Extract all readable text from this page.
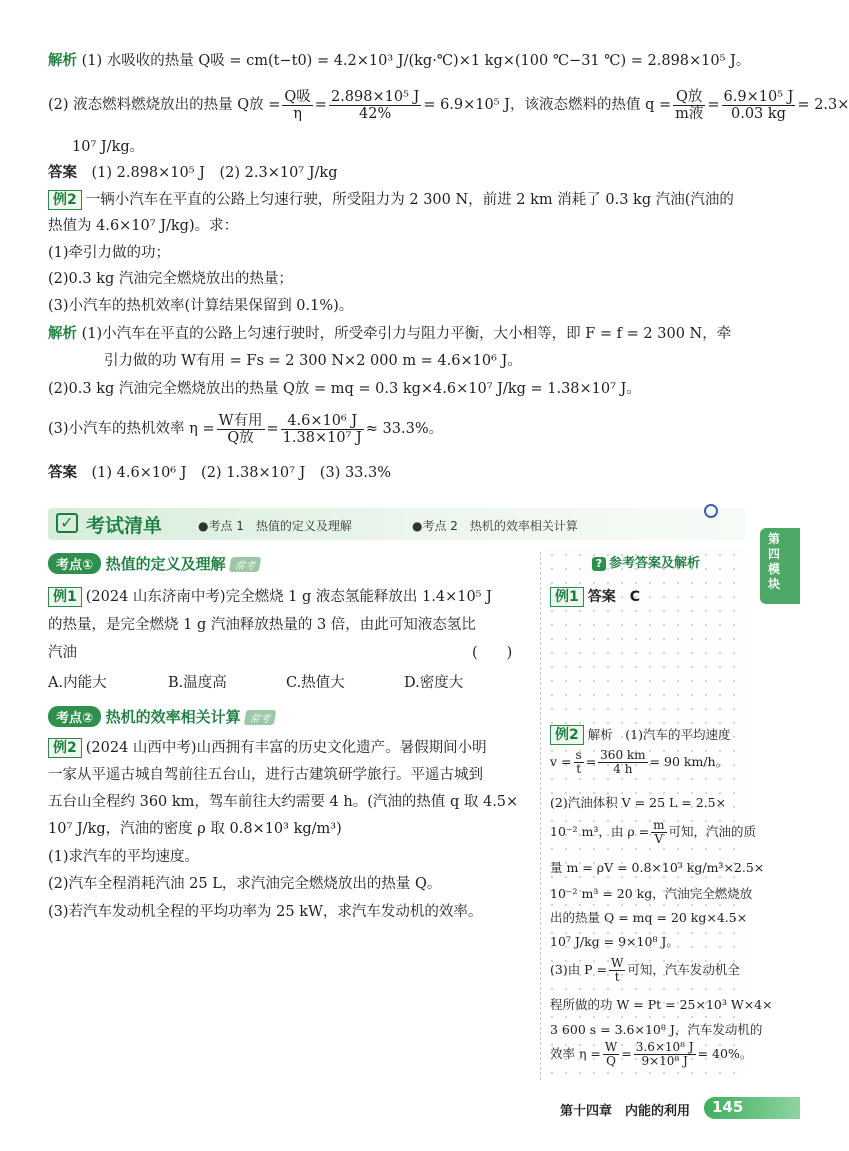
解析 (1) 水吸收的热量 Q吸 = cm(t−t0) = 4.2×10³ J/(kg·℃)×1 kg×(100 ℃−31 ℃) = 2.898×10⁵ J。
(2) 液态燃料燃烧放出的热量 Q放 =
Q吸
η
= $\frac{\text{2.898×10⁵ J}}{42\%} = 6.9\times 10^5$ J，该液态燃料的热值 q =
Q放
m液
= $\frac{\text{6.9×10⁵ J}}{0.03 kg} = 2.3\times$
10⁷ J/kg。
答案　 (1) 2.898×10⁵ J　(2) 2.3×10⁷ J/kg
例2 一辆小汽车在平直的公路上匀速行驶，所受阻力为 2 300 N，前进 2 km 消耗了 0.3 kg 汽油(汽油的
热值为 4.6×10⁷ J/kg)。求：
(1)牵引力做的功；
(2)0.3 kg 汽油完全燃烧放出的热量；
(3)小汽车的热机效率(计算结果保留到 0.1%)。
解析 (1)小汽车在平直的公路上匀速行驶时，所受牵引力与阻力平衡，大小相等，即 F = f = 2 300 N，牵
引力做的功 W有用 = Fs = 2 300 N×2 000 m = 4.6×10⁶ J。
(2)0.3 kg 汽油完全燃烧放出的热量 Q放 = mq = 0.3 kg×4.6×10⁷ J/kg = 1.38×10⁷ J。
(3)小汽车的热机效率 η =
W有用
Q放
= $\frac{\text{4.6×10⁶ J}}{\text{1.38×10⁷ J}} \approx 33.3\%$。
答案　 (1) 4.6×10⁶ J　(2) 1.38×10⁷ J　(3) 33.3%
✓ 考试清单	●考点 1　热值的定义及理解	●考点 2　热机的效率相关计算
第四模块
考点① 热值的定义及理解 常考
例1 (2024 山东济南中考)完全燃烧 1 g 液态氢能释放出 1.4×10⁵ J
的热量，是完全燃烧 1 g 汽油释放热量的 3 倍，由此可知液态氢比
汽油	(　　)
A.内能大	B.温度高	C.热值大	D.密度大
考点② 热机的效率相关计算 常考
例2 (2024 山西中考)山西拥有丰富的历史文化遗产。暑假期间小明
一家从平遥古城自驾前往五台山，进行古建筑研学旅行。平遥古城到
五台山全程约 360 km，驾车前往大约需要 4 h。(汽油的热值 q 取 4.5×
10⁷ J/kg，汽油的密度 ρ 取 0.8×10³ kg/m³)
(1)求汽车的平均速度。
(2)汽车全程消耗汽油 25 L，求汽油完全燃烧放出的热量 Q。
(3)若汽车发动机全程的平均功率为 25 kW，求汽车发动机的效率。
? 参考答案及解析
例1 答案　C
例2 解析　(1)汽车的平均速度
$v = \frac{s}{t} = \frac{360 km}{4 h} = 90$ km/h。
(2)汽油体积 V = 25 L = 2.5×
10⁻² m³，由 $\rho = \frac{m}{V}$ 可知，汽油的质
量 m = ρV = 0.8×10³ kg/m³×2.5×
10⁻² m³ = 20 kg，汽油完全燃烧放
出的热量 Q = mq = 20 kg×4.5×
10⁷ J/kg = 9×10⁸ J。
(3)由 $P = \frac{W}{t}$ 可知，汽车发动机全
程所做的功 W = Pt = 25×10³ W×4×
3 600 s = 3.6×10⁸ J，汽车发动机的
效率 $\eta = \frac{W}{Q} = \frac{\text{3.6×10⁸ J}}{\text{9×10⁸ J}} = 40\%$。
第十四章　内能的利用 145
